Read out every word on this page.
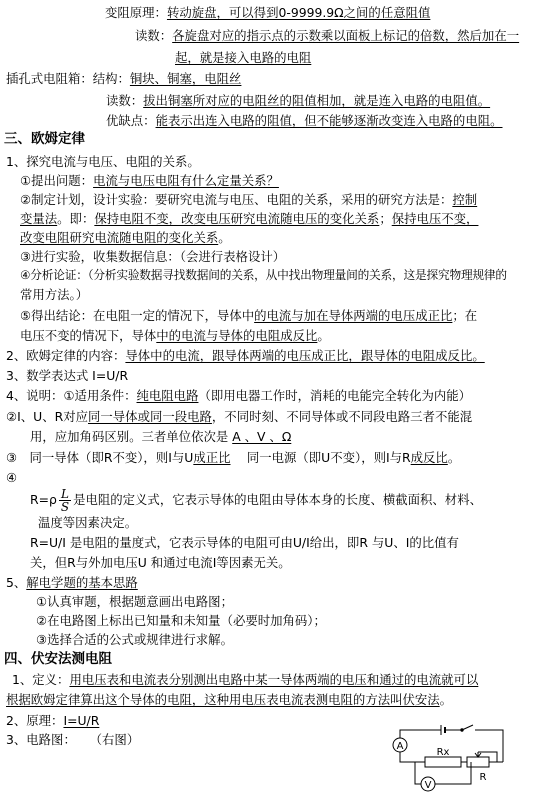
变阻原理：转动旋盘，可以得到0-9999.9Ω之间的任意阻值
读数：各旋盘对应的指示点的示数乘以面板上标记的倍数，然后加在一
起，就是接入电路的电阻
插孔式电阻箱：结构：铜块、铜塞，电阻丝
读数：拔出铜塞所对应的电阻丝的阻值相加，就是连入电路的电阻值。
优缺点：能表示出连入电路的阻值，但不能够逐渐改变连入电路的电阻。
三、欧姆定律
1、探究电流与电压、电阻的关系。
①提出问题：电流与电压电阻有什么定量关系？
②制定计划，设计实验：要研究电流与电压、电阻的关系，采用的研究方法是：控制
变量法。即：保持电阻不变，改变电压研究电流随电压的变化关系；保持电压不变，
改变电阻研究电流随电阻的变化关系。
③进行实验，收集数据信息：（会进行表格设计）
④分析论证：（分析实验数据寻找数据间的关系，从中找出物理量间的关系，这是探究物理规律的
常用方法。）
⑤得出结论：在电阻一定的情况下，导体中的电流与加在导体两端的电压成正比；在
电压不变的情况下，导体中的电流与导体的电阻成反比。
2、欧姆定律的内容：导体中的电流，跟导体两端的电压成正比，跟导体的电阻成反比。
3、数学表达式 I=U/R
4、说明：①适用条件：纯电阻电路（即用电器工作时，消耗的电能完全转化为内能）
②I、U、R对应同一导体或同一段电路，不同时刻、不同导体或不同段电路三者不能混
用，应加角码区别。三者单位依次是 A 、V 、Ω
③　同一导体（即R不变），则I与U成正比　 同一电源（即U不变），则I与R成反比。
④
$R=\rho \frac{L}{S}$ 是电阻的定义式，它表示导体的电阻由导体本身的长度、横截面积、材料、
温度等因素决定。
R=U/I 是电阻的量度式，它表示导体的电阻可由U/I给出，即R 与U、I的比值有
关，但R与外加电压U 和通过电流I等因素无关。
5、解电学题的基本思路
①认真审题，根据题意画出电路图；
②在电路图上标出已知量和未知量（必要时加角码）；
③选择合适的公式或规律进行求解。
四、伏安法测电阻
1、定义：用电压表和电流表分别测出电路中某一导体两端的电压和通过的电流就可以
根据欧姆定律算出这个导体的电阻，这种用电压表电流表测电阻的方法叫伏安法。
2、原理：I=U/R
3、电路图： （右图）	A
V
Rx
R
